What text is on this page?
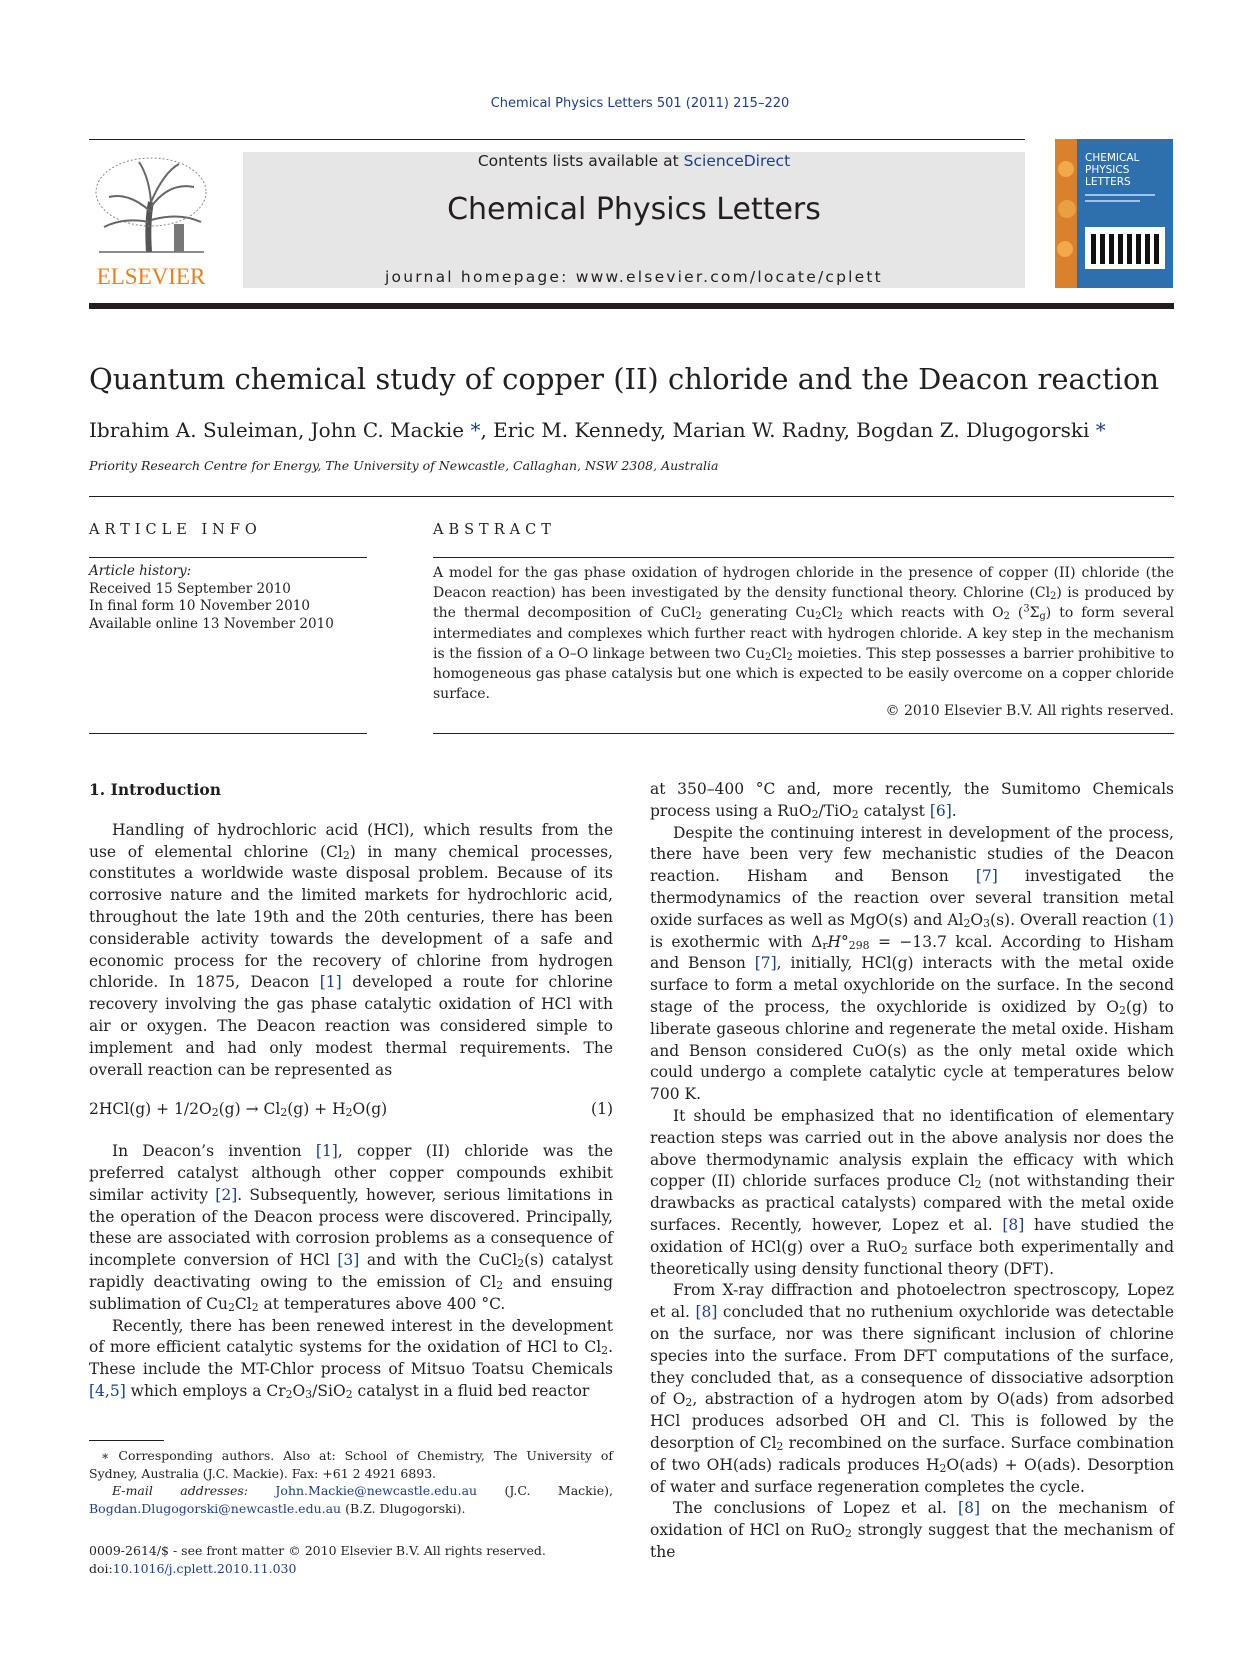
Chemical Physics Letters 501 (2011) 215–220
ELSEVIER
Contents lists available at ScienceDirect
Chemical Physics Letters
journal homepage: www.elsevier.com/locate/cplett
CHEMICAL
PHYSICS
LETTERS
Quantum chemical study of copper (II) chloride and the Deacon reaction
Ibrahim A. Suleiman, John C. Mackie *, Eric M. Kennedy, Marian W. Radny, Bogdan Z. Dlugogorski *
Priority Research Centre for Energy, The University of Newcastle, Callaghan, NSW 2308, Australia
ARTICLE INFO	ABSTRACT
Article history:
Received 15 September 2010
In final form 10 November 2010
Available online 13 November 2010
A model for the gas phase oxidation of hydrogen chloride in the presence of copper (II) chloride (the Deacon reaction) has been investigated by the density functional theory. Chlorine $(Cl_2)$ is produced by the thermal decomposition of CuCl$_2$ generating $Cu_2Cl_2$ which reacts with $O_2$ $(^3\Sigma_g)$ to form several intermediates and complexes which further react with hydrogen chloride. A key step in the mechanism is the fission of a O–O linkage between two $Cu_2Cl_2$ moieties. This step possesses a barrier prohibitive to homogeneous gas phase catalysis but one which is expected to be easily overcome on a copper chloride surface.
© 2010 Elsevier B.V. All rights reserved.

1. Introduction

Handling of hydrochloric acid (HCl), which results from the use of elemental chlorine $(Cl_2)$ in many chemical processes, constitutes a worldwide waste disposal problem. Because of its corrosive nature and the limited markets for hydrochloric acid, throughout the late 19th and the 20th centuries, there has been considerable activity towards the development of a safe and economic process for the recovery of chlorine from hydrogen chloride. In 1875, Deacon [1] developed a route for chlorine recovery involving the gas phase catalytic oxidation of HCl with air or oxygen. The Deacon reaction was considered simple to implement and had only modest thermal requirements. The overall reaction can be represented as

$2HCl(g) + 1/2O_2(g) \to Cl_2(g) + H_2O(g)$	(1)

In Deacon’s invention [1], copper (II) chloride was the preferred catalyst although other copper compounds exhibit similar activity [2]. Subsequently, however, serious limitations in the operation of the Deacon process were discovered. Principally, these are associated with corrosion problems as a consequence of incomplete conversion of HCl [3] and with the CuCl$_2$(s) catalyst rapidly deactivating owing to the emission of $Cl_2$ and ensuing sublimation of $Cu_2Cl_2$ at temperatures above 400 °C.

Recently, there has been renewed interest in the development of more efficient catalytic systems for the oxidation of HCl to $Cl_2$. These include the MT-Chlor process of Mitsuo Toatsu Chemicals [4,5] which employs a $Cr_2O_3/SiO_2$ catalyst in a fluid bed reactor

∗ Corresponding authors. Also at: School of Chemistry, The University of Sydney, Australia (J.C. Mackie). Fax: +61 2 4921 6893.
E-mail addresses: John.Mackie@newcastle.edu.au (J.C. Mackie), Bogdan.Dlugogorski@newcastle.edu.au (B.Z. Dlugogorski).
0009-2614/$ - see front matter © 2010 Elsevier B.V. All rights reserved.
doi:10.1016/j.cplett.2010.11.030

at 350–400 °C and, more recently, the Sumitomo Chemicals process using a RuO$_2$/TiO$_2$ catalyst [6].

Despite the continuing interest in development of the process, there have been very few mechanistic studies of the Deacon reaction. Hisham and Benson [7] investigated the thermodynamics of the reaction over several transition metal oxide surfaces as well as MgO(s) and $Al_2O_3(s)$. Overall reaction (1) is exothermic with $\Delta_rH^\circ_{298} = -13.7$ kcal. According to Hisham and Benson [7], initially, HCl(g) interacts with the metal oxide surface to form a metal oxychloride on the surface. In the second stage of the process, the oxychloride is oxidized by $O_2(g)$ to liberate gaseous chlorine and regenerate the metal oxide. Hisham and Benson considered CuO(s) as the only metal oxide which could undergo a complete catalytic cycle at temperatures below 700 K.

It should be emphasized that no identification of elementary reaction steps was carried out in the above analysis nor does the above thermodynamic analysis explain the efficacy with which copper (II) chloride surfaces produce $Cl_2$ (not withstanding their drawbacks as practical catalysts) compared with the metal oxide surfaces. Recently, however, Lopez et al. [8] have studied the oxidation of HCl(g) over a RuO$_2$ surface both experimentally and theoretically using density functional theory (DFT).

From X-ray diffraction and photoelectron spectroscopy, Lopez et al. [8] concluded that no ruthenium oxychloride was detectable on the surface, nor was there significant inclusion of chlorine species into the surface. From DFT computations of the surface, they concluded that, as a consequence of dissociative adsorption of $O_2$, abstraction of a hydrogen atom by O(ads) from adsorbed HCl produces adsorbed OH and Cl. This is followed by the desorption of $Cl_2$ recombined on the surface. Surface combination of two OH(ads) radicals produces $H_2O(ads) + O(ads)$. Desorption of water and surface regeneration completes the cycle.

The conclusions of Lopez et al. [8] on the mechanism of oxidation of HCl on RuO$_2$ strongly suggest that the mechanism of the
